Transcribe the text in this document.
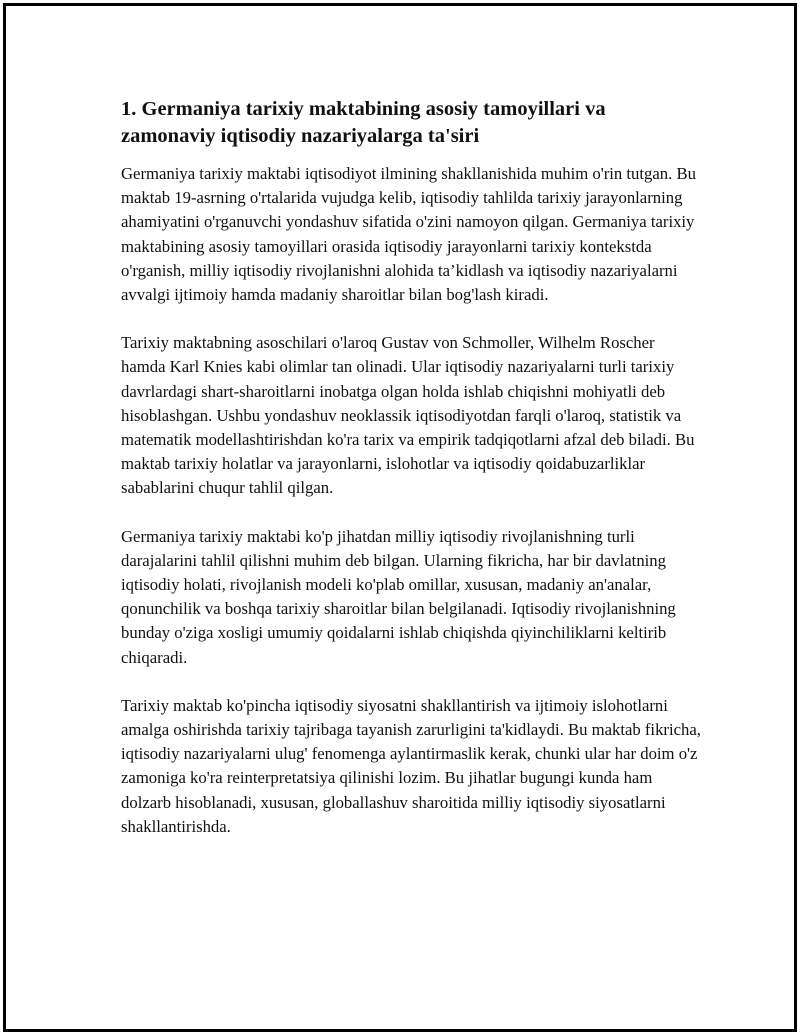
1. Germaniya tarixiy maktabining asosiy tamoyillari va zamonaviy iqtisodiy nazariyalarga ta'siri

Germaniya tarixiy maktabi iqtisodiyot ilmining shakllanishida muhim o'rin tutgan. Bu maktab 19-asrning o'rtalarida vujudga kelib, iqtisodiy tahlilda tarixiy jarayonlarning ahamiyatini o'rganuvchi yondashuv sifatida o'zini namoyon qilgan. Germaniya tarixiy maktabining asosiy tamoyillari orasida iqtisodiy jarayonlarni tarixiy kontekstda o'rganish, milliy iqtisodiy rivojlanishni alohida ta’kidlash va iqtisodiy nazariyalarni avvalgi ijtimoiy hamda madaniy sharoitlar bilan bog'lash kiradi.

Tarixiy maktabning asoschilari o'laroq Gustav von Schmoller, Wilhelm Roscher hamda Karl Knies kabi olimlar tan olinadi. Ular iqtisodiy nazariyalarni turli tarixiy davrlardagi shart-sharoitlarni inobatga olgan holda ishlab chiqishni mohiyatli deb hisoblashgan. Ushbu yondashuv neoklassik iqtisodiyotdan farqli o'laroq, statistik va matematik modellashtirishdan ko'ra tarix va empirik tadqiqotlarni afzal deb biladi. Bu maktab tarixiy holatlar va jarayonlarni, islohotlar va iqtisodiy qoidabuzarliklar sabablarini chuqur tahlil qilgan.

Germaniya tarixiy maktabi ko'p jihatdan milliy iqtisodiy rivojlanishning turli darajalarini tahlil qilishni muhim deb bilgan. Ularning fikricha, har bir davlatning iqtisodiy holati, rivojlanish modeli ko'plab omillar, xususan, madaniy an'analar, qonunchilik va boshqa tarixiy sharoitlar bilan belgilanadi. Iqtisodiy rivojlanishning bunday o'ziga xosligi umumiy qoidalarni ishlab chiqishda qiyinchiliklarni keltirib chiqaradi.

Tarixiy maktab ko'pincha iqtisodiy siyosatni shakllantirish va ijtimoiy islohotlarni amalga oshirishda tarixiy tajribaga tayanish zarurligini ta'kidlaydi. Bu maktab fikricha, iqtisodiy nazariyalarni ulug' fenomenga aylantirmaslik kerak, chunki ular har doim o'z zamoniga ko'ra reinterpretatsiya qilinishi lozim. Bu jihatlar bugungi kunda ham dolzarb hisoblanadi, xususan, globallashuv sharoitida milliy iqtisodiy siyosatlarni shakllantirishda.
